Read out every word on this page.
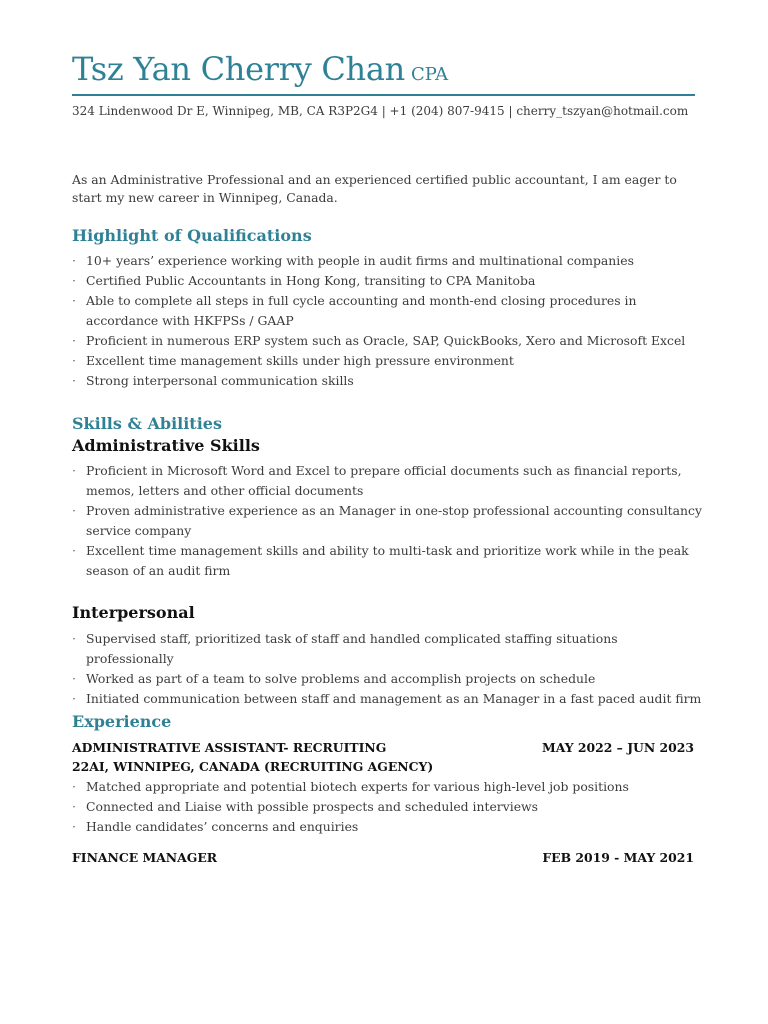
Tsz Yan Cherry Chan CPA
324 Lindenwood Dr E, Winnipeg, MB, CA R3P2G4 | +1 (204) 807-9415 | cherry_tszyan@hotmail.com
As an Administrative Professional and an experienced certified public accountant, I am eager to start my new career in Winnipeg, Canada.
Highlight of Qualifications
· 10+ years’ experience working with people in audit firms and multinational companies
· Certified Public Accountants in Hong Kong, transiting to CPA Manitoba
· Able to complete all steps in full cycle accounting and month-end closing procedures in accordance with HKFPSs / GAAP
· Proficient in numerous ERP system such as Oracle, SAP, QuickBooks, Xero and Microsoft Excel
· Excellent time management skills under high pressure environment
· Strong interpersonal communication skills
Skills & Abilities
Administrative Skills
· Proficient in Microsoft Word and Excel to prepare official documents such as financial reports, memos, letters and other official documents
· Proven administrative experience as an Manager in one-stop professional accounting consultancy service company
· Excellent time management skills and ability to multi-task and prioritize work while in the peak season of an audit firm
Interpersonal
· Supervised staff, prioritized task of staff and handled complicated staffing situations professionally
· Worked as part of a team to solve problems and accomplish projects on schedule
· Initiated communication between staff and management as an Manager in a fast paced audit firm
Experience
ADMINISTRATIVE ASSISTANT- RECRUITING	MAY 2022 – JUN 2023
22AI, WINNIPEG, CANADA (RECRUITING AGENCY)
· Matched appropriate and potential biotech experts for various high-level job positions
· Connected and Liaise with possible prospects and scheduled interviews
· Handle candidates’ concerns and enquiries
FINANCE MANAGER	FEB 2019 - MAY 2021
